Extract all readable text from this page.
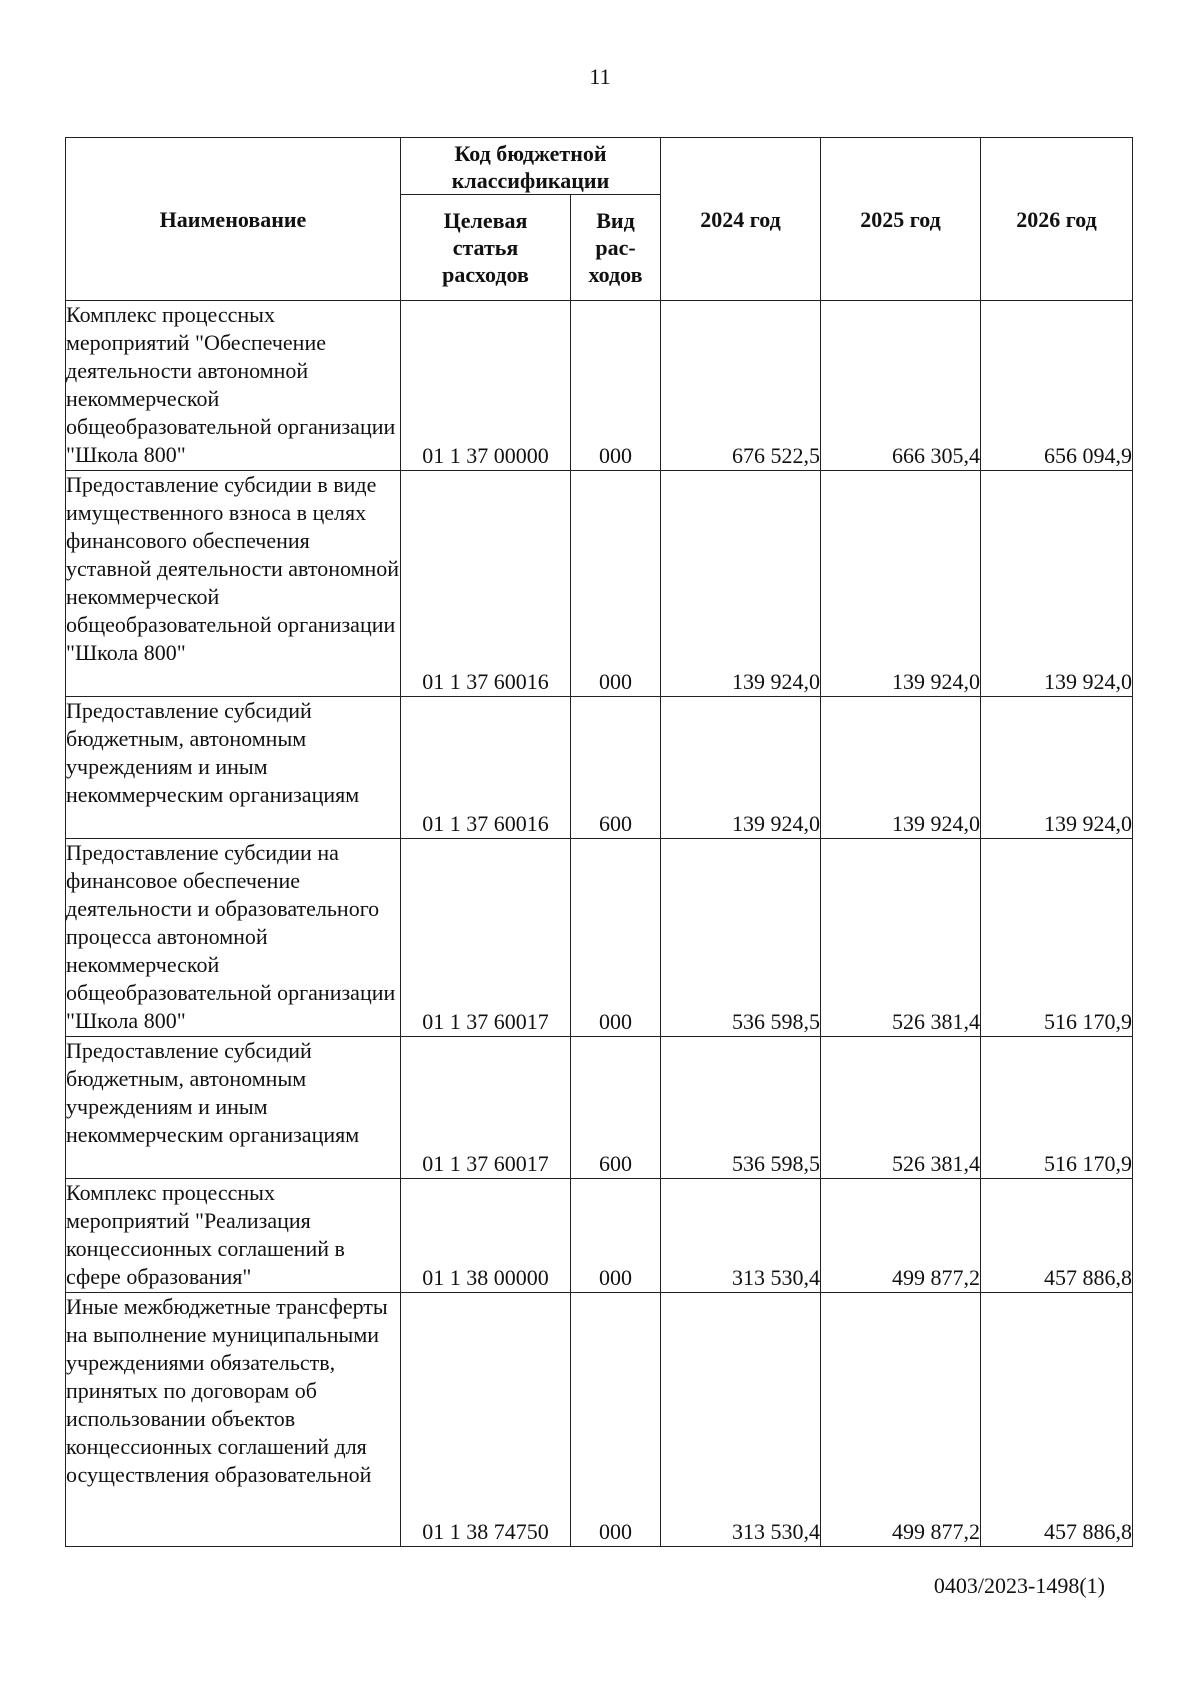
11
Наименование	Код бюджетной классификации		2024 год	2025 год	2026 год
	Целевая статья расходов	Вид рас-ходов			
Комплекс процессных мероприятий "Обеспечение деятельности автономной некоммерческой общеобразовательной организации "Школа 800"	01 1 37 00000	000	676 522,5	666 305,4	656 094,9
Предоставление субсидии в виде имущественного взноса в целях финансового обеспечения уставной деятельности автономной некоммерческой общеобразовательной организации "Школа 800"	01 1 37 60016	000	139 924,0	139 924,0	139 924,0
Предоставление субсидий бюджетным, автономным учреждениям и иным некоммерческим организациям	01 1 37 60016	600	139 924,0	139 924,0	139 924,0
Предоставление субсидии на финансовое обеспечение деятельности и образовательного процесса автономной некоммерческой общеобразовательной организации "Школа 800"	01 1 37 60017	000	536 598,5	526 381,4	516 170,9
Предоставление субсидий бюджетным, автономным учреждениям и иным некоммерческим организациям	01 1 37 60017	600	536 598,5	526 381,4	516 170,9
Комплекс процессных мероприятий "Реализация концессионных соглашений в сфере образования"	01 1 38 00000	000	313 530,4	499 877,2	457 886,8
Иные межбюджетные трансферты на выполнение муниципальными учреждениями обязательств, принятых по договорам об использовании объектов концессионных соглашений для осуществления образовательной	01 1 38 74750	000	313 530,4	499 877,2	457 886,8
0403/2023-1498(1)
